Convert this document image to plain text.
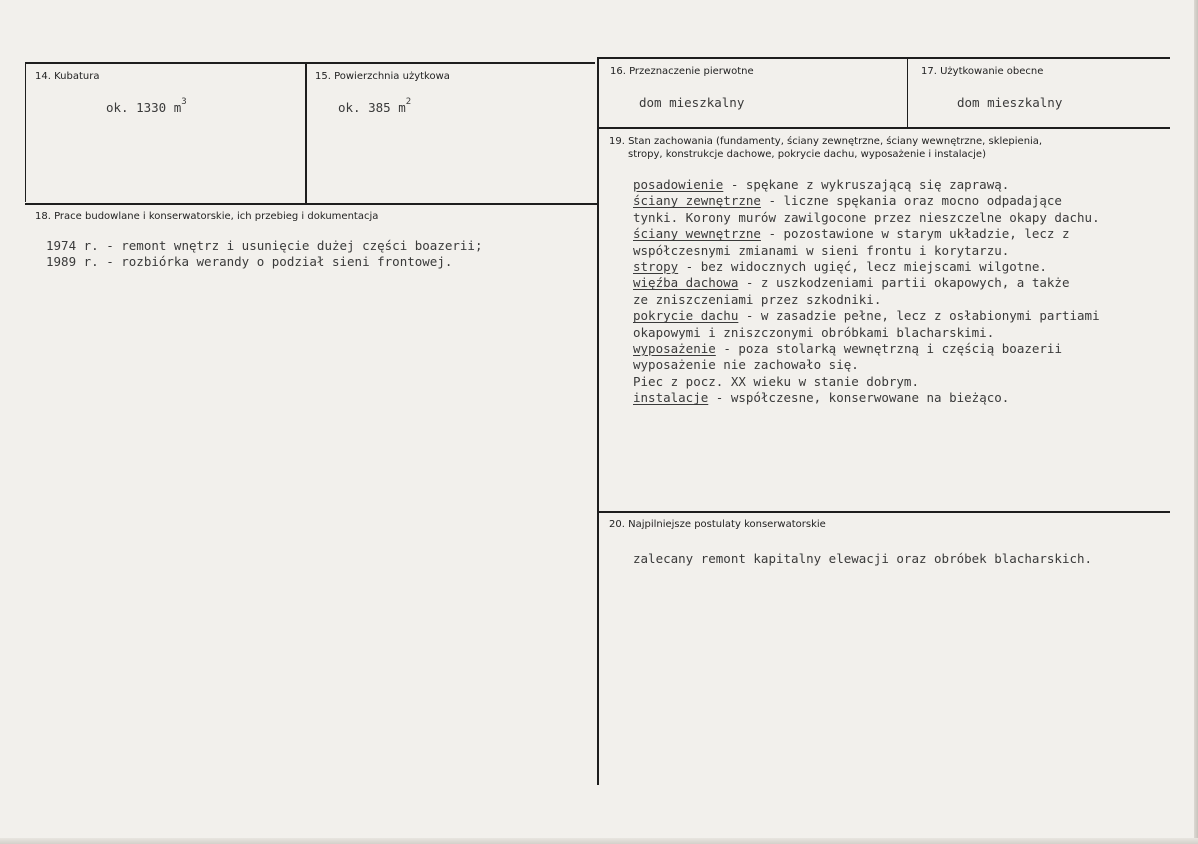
14. Kubatura
ok. 1330 $m^3$
15. Powierzchnia użytkowa
ok. 385 $m^2$
16. Przeznaczenie pierwotne
dom mieszkalny
17. Użytkowanie obecne
dom mieszkalny
18. Prace budowlane i konserwatorskie, ich przebieg i dokumentacja
1974 r. - remont wnętrz i usunięcie dużej części boazerii;
1989 r. - rozbiórka werandy o podział sieni frontowej.
19. Stan zachowania (fundamenty, ściany zewnętrzne, ściany wewnętrzne, sklepienia,
stropy, konstrukcje dachowe, pokrycie dachu, wyposażenie i instalacje)
posadowienie - spękane z wykruszającą się zaprawą.
ściany zewnętrzne - liczne spękania oraz mocno odpadające
tynki. Korony murów zawilgocone przez nieszczelne okapy dachu.
ściany wewnętrzne - pozostawione w starym układzie, lecz z
współczesnymi zmianami w sieni frontu i korytarzu.
stropy - bez widocznych ugięć, lecz miejscami wilgotne.
więźba dachowa - z uszkodzeniami partii okapowych, a także
ze zniszczeniami przez szkodniki.
pokrycie dachu - w zasadzie pełne, lecz z osłabionymi partiami
okapowymi i zniszczonymi obróbkami blacharskimi.
wyposażenie - poza stolarką wewnętrzną i częścią boazerii
wyposażenie nie zachowało się.
Piec z pocz. XX wieku w stanie dobrym.
instalacje - współczesne, konserwowane na bieżąco.
20. Najpilniejsze postulaty konserwatorskie
zalecany remont kapitalny elewacji oraz obróbek blacharskich.
